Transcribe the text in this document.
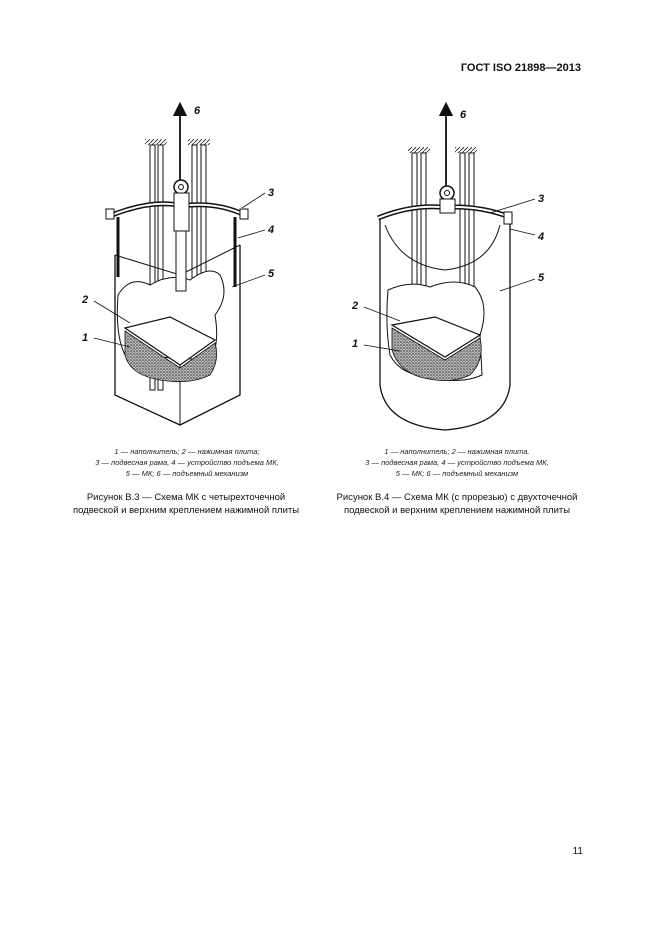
ГОСТ ISO 21898—2013
6
3
4
5
2
1
6
3
4
5
2
1
1 — наполнитель; 2 — нажимная плита;
3 — подвесная рама, 4 — устройство подъема МК,
5 — МК; 6 — подъемный механизм
1 — наполнитель; 2 — нажимная плита.
3 — подвесная рама, 4 — устройство подъема МК,
5 — МК; 6 — подъемный механизм
Рисунок В.3 — Схема МК с четырехточечной
подвеской и верхним креплением нажимной плиты
Рисунок В.4 — Схема МК (с прорезью) с двухточечной
подвеской и верхним креплением нажимной плиты
11
